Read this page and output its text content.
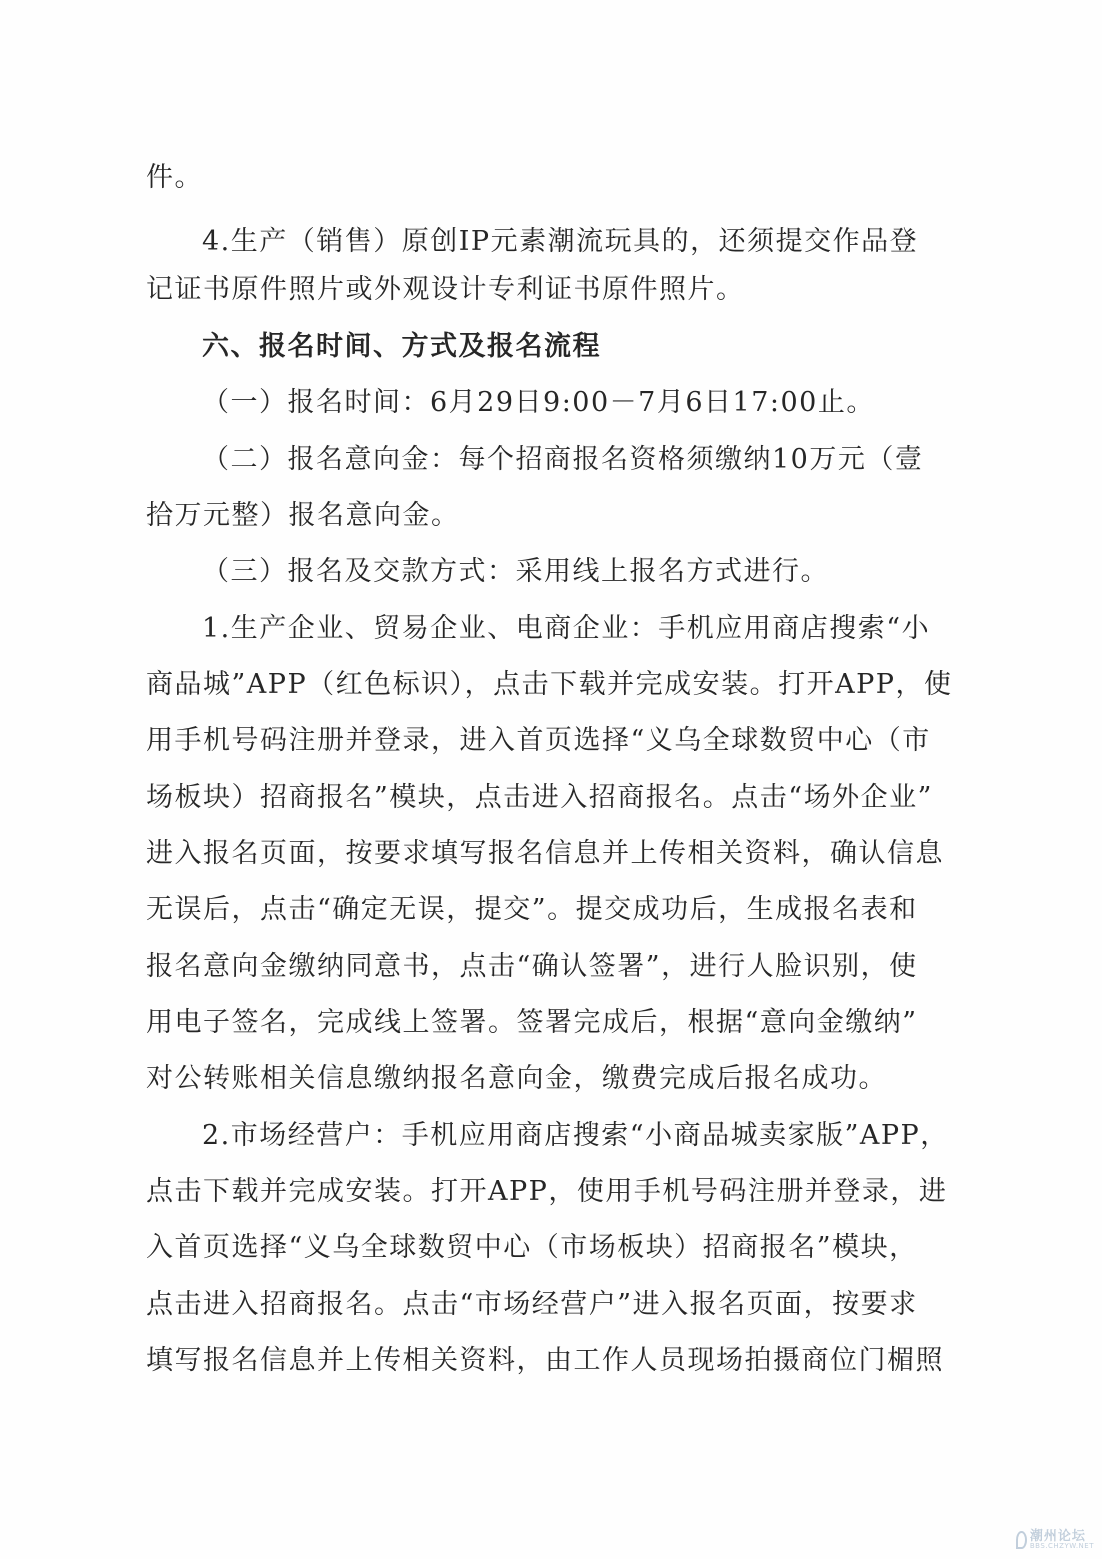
件。
4.生产（销售）原创IP元素潮流玩具的，还须提交作品登
记证书原件照片或外观设计专利证书原件照片。
六、报名时间、方式及报名流程
（一）报名时间：6月29日9:00－7月6日17:00止。
（二）报名意向金：每个招商报名资格须缴纳10万元（壹
拾万元整）报名意向金。
（三）报名及交款方式：采用线上报名方式进行。
1.生产企业、贸易企业、电商企业：手机应用商店搜索“小
商品城”APP（红色标识），点击下载并完成安装。打开APP，使
用手机号码注册并登录，进入首页选择“义乌全球数贸中心（市
场板块）招商报名”模块，点击进入招商报名。点击“场外企业”
进入报名页面，按要求填写报名信息并上传相关资料，确认信息
无误后，点击“确定无误，提交”。提交成功后，生成报名表和
报名意向金缴纳同意书，点击“确认签署”，进行人脸识别，使
用电子签名，完成线上签署。签署完成后，根据“意向金缴纳”
对公转账相关信息缴纳报名意向金，缴费完成后报名成功。
2.市场经营户：手机应用商店搜索“小商品城卖家版”APP，
点击下载并完成安装。打开APP，使用手机号码注册并登录，进
入首页选择“义乌全球数贸中心（市场板块）招商报名”模块，
点击进入招商报名。点击“市场经营户”进入报名页面，按要求
填写报名信息并上传相关资料，由工作人员现场拍摄商位门楣照
潮州论坛
BBS.CHZYW.NET
